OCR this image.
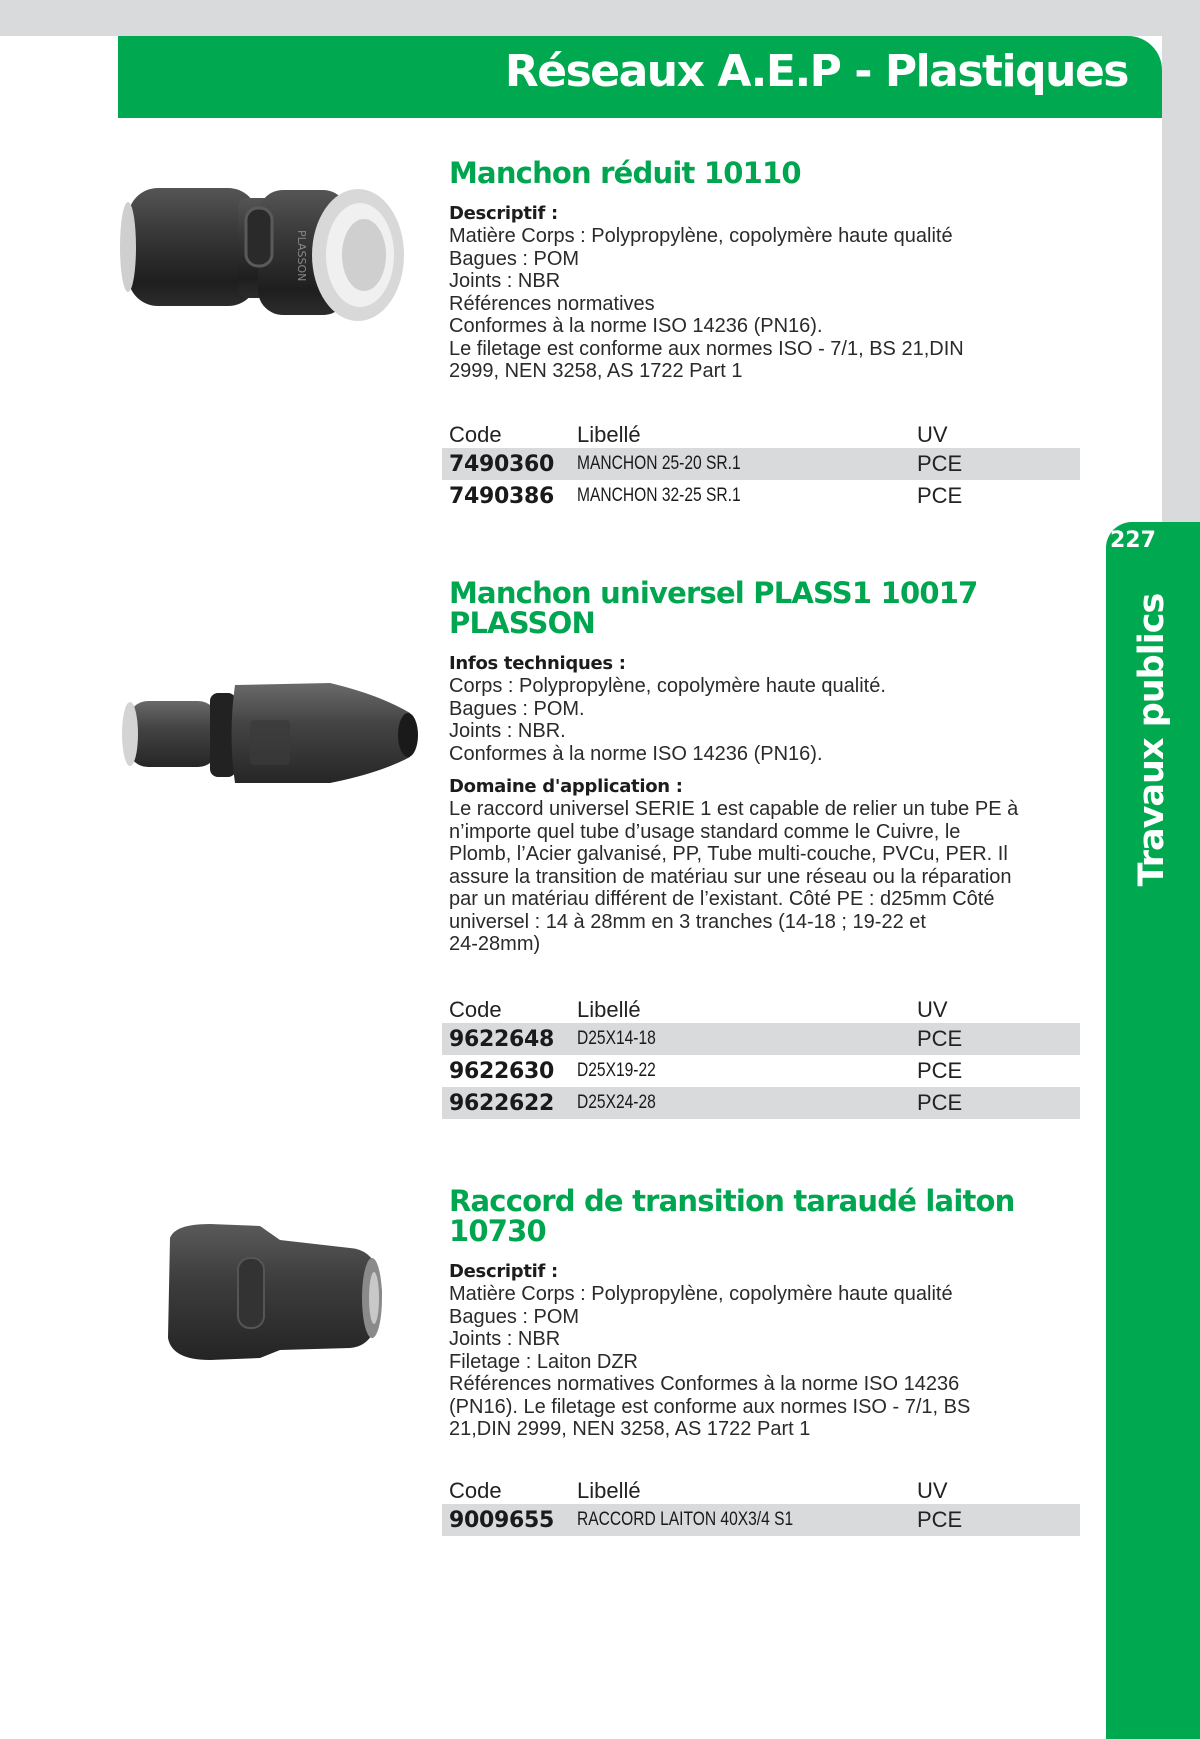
Réseaux A.E.P - Plastiques
227
Travaux publics
PLASSON
Manchon réduit 10110
Descriptif :

Matière Corps : Polypropylène, copolymère haute qualité

Bagues : POM

Joints : NBR

Références normatives

Conformes à la norme ISO 14236 (PN16).

Le filetage est conforme aux normes ISO - 7/1, BS 21,DIN

2999, NEN 3258, AS 1722 Part 1

Code	Libellé	UV
7490360	MANCHON 25-20 SR.1	PCE
7490386	MANCHON 32-25 SR.1	PCE
Manchon universel PLASS1 10017
PLASSON
Infos techniques :

Corps : Polypropylène, copolymère haute qualité.

Bagues : POM.

Joints : NBR.

Conformes à la norme ISO 14236 (PN16).

Domaine d'application :

Le raccord universel SERIE 1 est capable de relier un tube PE à

n’importe quel tube d’usage standard comme le Cuivre, le

Plomb, l’Acier galvanisé, PP, Tube multi-couche, PVCu, PER. Il

assure la transition de matériau sur une réseau ou la réparation

par un matériau différent de l’existant. Côté PE : d25mm Côté

universel : 14 à 28mm en 3 tranches (14-18 ; 19-22 et

24-28mm)

Code	Libellé	UV
9622648	D25X14-18	PCE
9622630	D25X19-22	PCE
9622622	D25X24-28	PCE
Raccord de transition taraudé laiton
10730
Descriptif :

Matière Corps : Polypropylène, copolymère haute qualité

Bagues : POM

Joints : NBR

Filetage : Laiton DZR

Références normatives Conformes à la norme ISO 14236

(PN16). Le filetage est conforme aux normes ISO - 7/1, BS

21,DIN 2999, NEN 3258, AS 1722 Part 1

Code	Libellé	UV
9009655	RACCORD LAITON 40X3/4 S1	PCE
